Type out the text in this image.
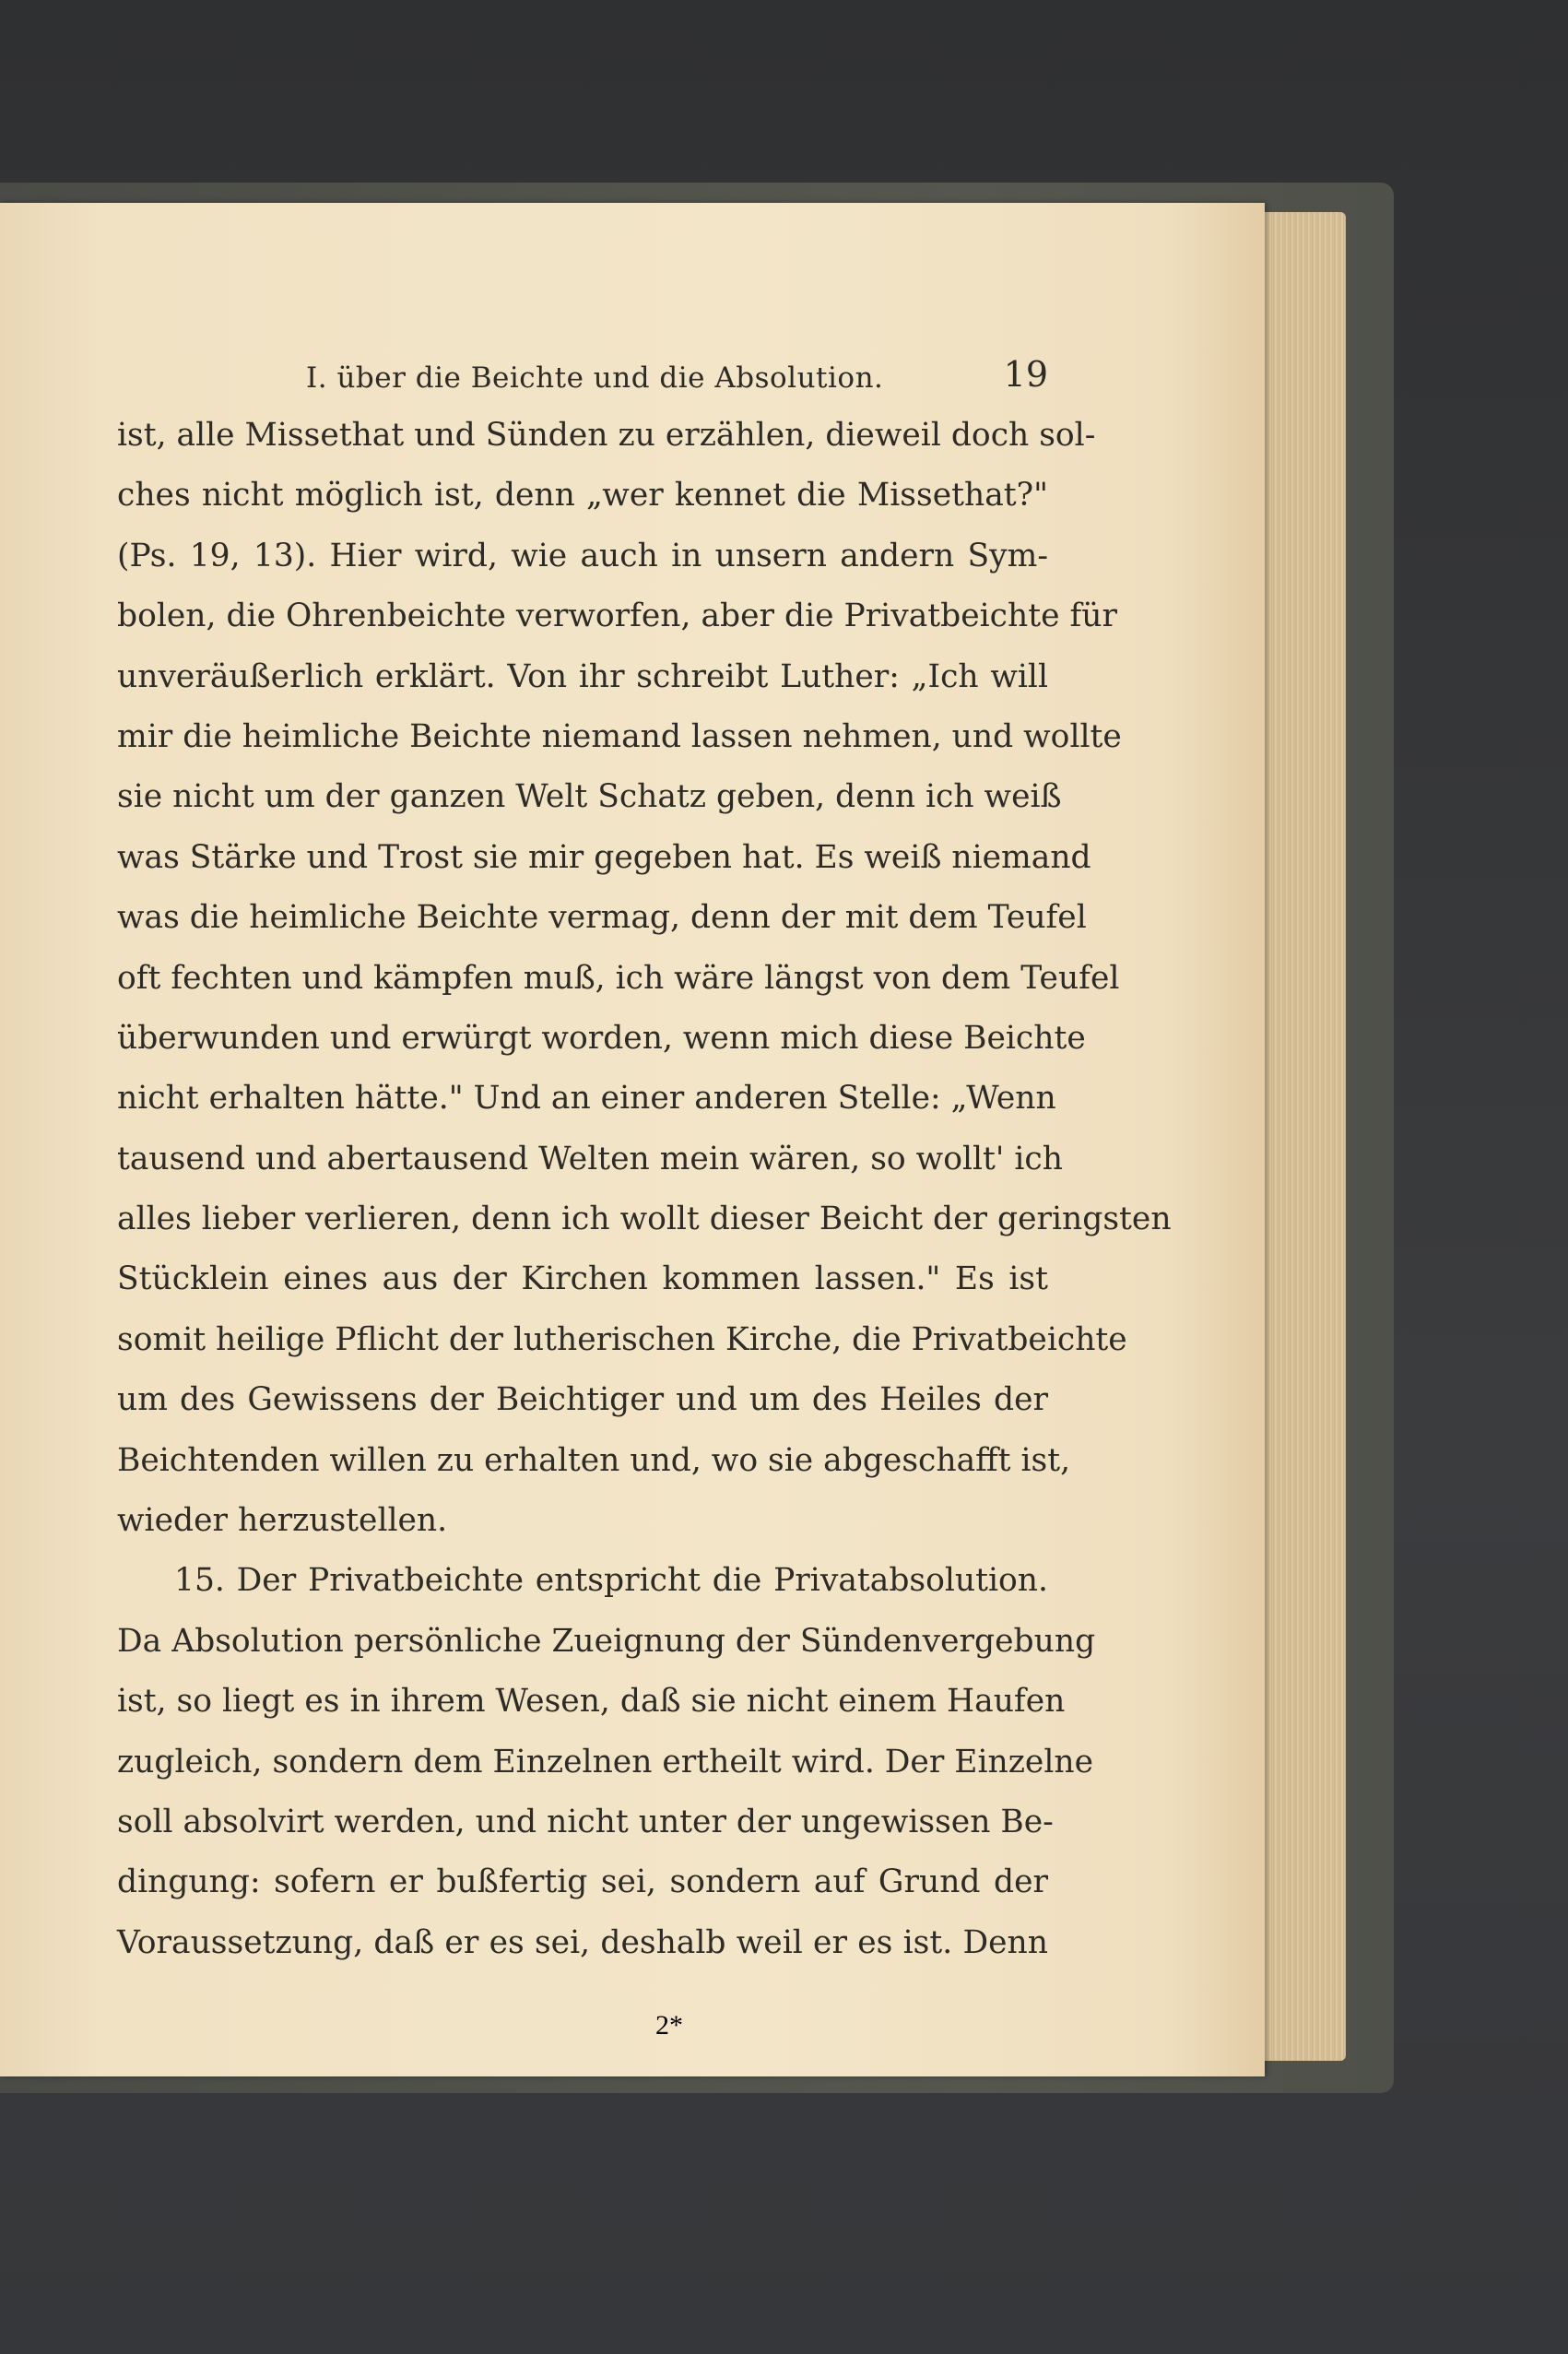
I. über die Beichte und die Absolution.	19
ist, alle Missethat und Sünden zu erzählen, dieweil doch sol-
ches nicht möglich ist, denn „wer kennet die Missethat?"
(Ps. 19, 13). Hier wird, wie auch in unsern andern Sym-
bolen, die Ohrenbeichte verworfen, aber die Privatbeichte für
unveräußerlich erklärt. Von ihr schreibt Luther: „Ich will
mir die heimliche Beichte niemand lassen nehmen, und wollte
sie nicht um der ganzen Welt Schatz geben, denn ich weiß
was Stärke und Trost sie mir gegeben hat. Es weiß niemand
was die heimliche Beichte vermag, denn der mit dem Teufel
oft fechten und kämpfen muß, ich wäre längst von dem Teufel
überwunden und erwürgt worden, wenn mich diese Beichte
nicht erhalten hätte." Und an einer anderen Stelle: „Wenn
tausend und abertausend Welten mein wären, so wollt' ich
alles lieber verlieren, denn ich wollt dieser Beicht der geringsten
Stücklein eines aus der Kirchen kommen lassen." Es ist
somit heilige Pflicht der lutherischen Kirche, die Privatbeichte
um des Gewissens der Beichtiger und um des Heiles der
Beichtenden willen zu erhalten und, wo sie abgeschafft ist,
wieder herzustellen.
15. Der Privatbeichte entspricht die Privatabsolution.
Da Absolution persönliche Zueignung der Sündenvergebung
ist, so liegt es in ihrem Wesen, daß sie nicht einem Haufen
zugleich, sondern dem Einzelnen ertheilt wird. Der Einzelne
soll absolvirt werden, und nicht unter der ungewissen Be-
dingung: sofern er bußfertig sei, sondern auf Grund der
Voraussetzung, daß er es sei, deshalb weil er es ist. Denn
2*
